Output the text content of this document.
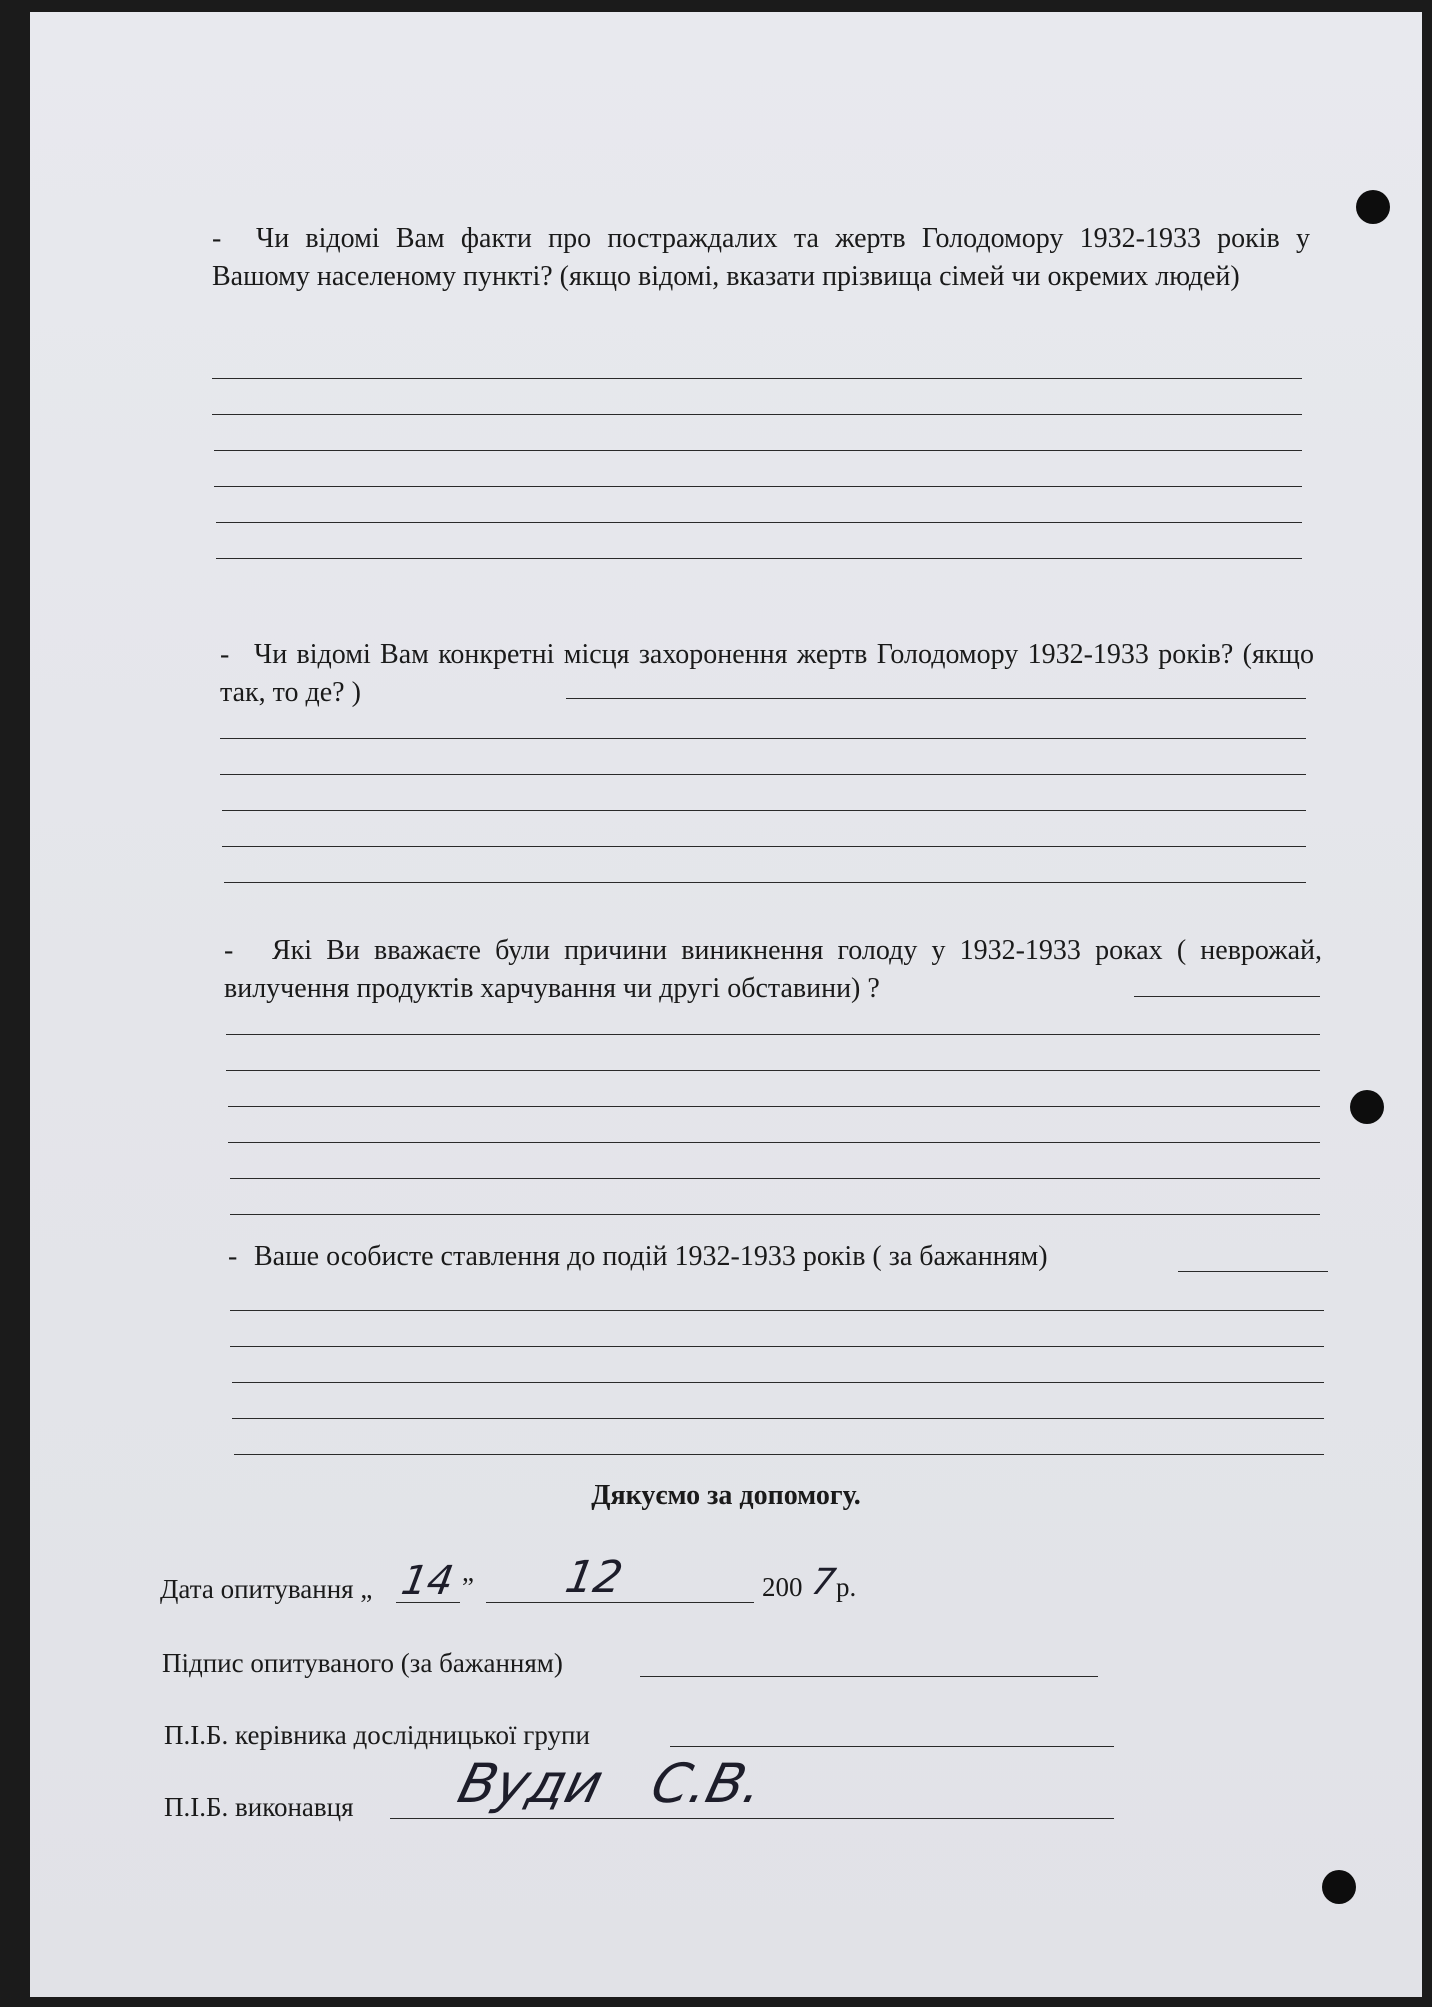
- Чи відомі Вам факти про постраждалих та жертв Голодомору 1932-1933 років у Вашому населеному пункті? (якщо відомі, вказати прізвища сімей чи окремих людей)
- Чи відомі Вам конкретні місця захоронення жертв Голодомору 1932-1933 років? (якщо так, то де? )
- Які Ви вважаєте були причини виникнення голоду у 1932-1933 роках ( неврожай, вилучення продуктів харчування чи другі обставини) ?
- Ваше особисте ставлення до подій 1932-1933 років ( за бажанням)
Дякуємо за допомогу.
Дата опитування „ 14 ” 12	200 7
р.
Підпис опитуваного (за бажанням)
П.І.Б. керівника дослідницької групи
П.І.Б. виконавця Вуди   С.В.
